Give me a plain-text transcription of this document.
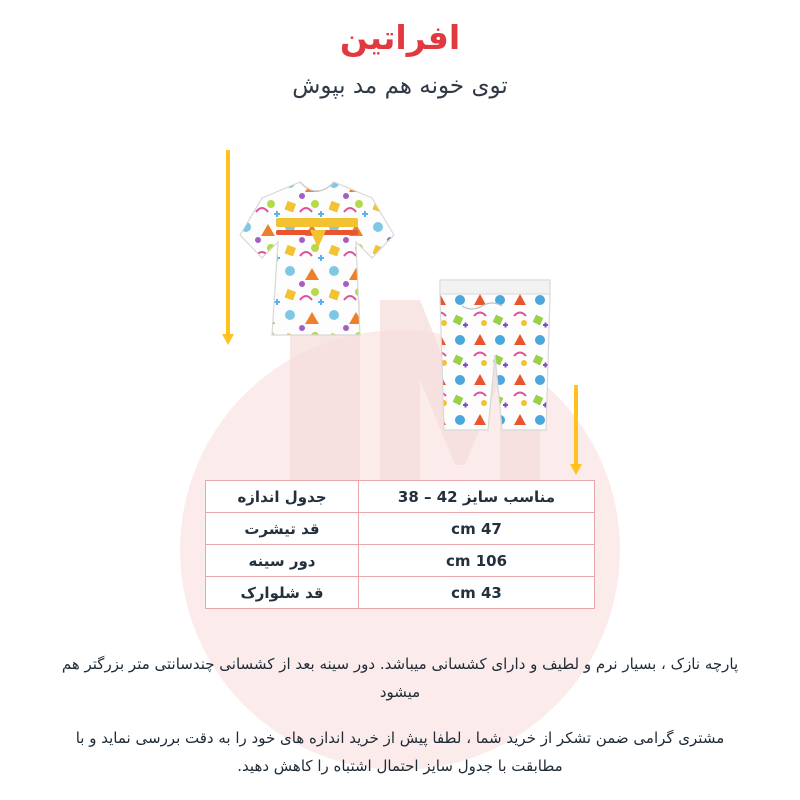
افراتین
توی خونه هم مد بپوش
مناسب سایز 42 – 38	جدول اندازه
47 cm	قد تیشرت
106 cm	دور سینه
43 cm	قد شلوارک

پارچه نازک ، بسیار نرم و لطیف و دارای کشسانی میباشد. دور سینه بعد از کشسانی چندسانتی متر بزرگتر هم میشود

مشتری گرامی ضمن تشکر از خرید شما ، لطفا پیش از خرید اندازه های خود را به دقت بررسی نماید و با مطابقت با جدول سایز احتمال اشتباه را کاهش دهید.
